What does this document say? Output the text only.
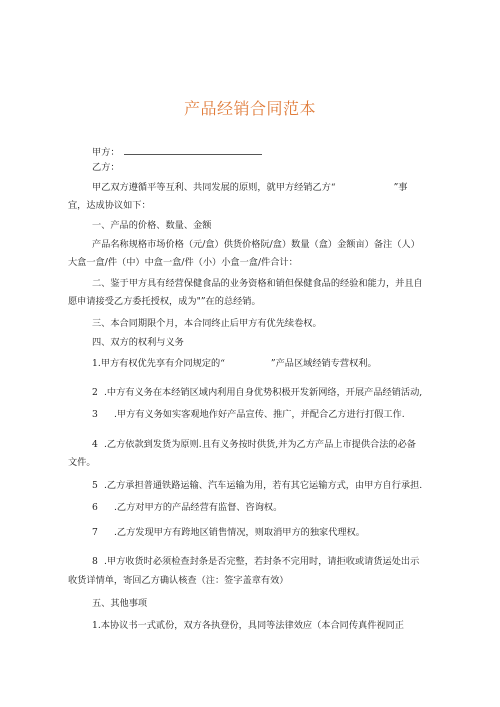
产品经销合同范本
甲方：
乙方：
甲乙双方遵循平等互利、共同发展的原则，就甲方经销乙方“	”事
宜，达成协议如下：
一、产品的价格、数量、金额
产品名称规格市场价格（元/盒）供货价格阮/盒）数量（盒）金额亩）备注（人）
大盒一盒/件（中）中盒一盒/件（小）小盒一盒/件合计：
二、鉴于甲方具有经营保健食品的业务资格和销但保健食品的经验和能力，并且自
愿申请接受乙方委托授权，成为"”在的总经销。
三、本合同期限个月，本合同终止后甲方有优先续卷权。
四、双方的权利与义务
1.甲方有权优先享有介同规定的“	”产品区域经销专营权利。
2 .中方有义务在本经销区域内利用自身优势积极开发新网络，开展产品经销活动,
3 .甲方有义务如实客观地作好产品宣传、推广，并配合乙方进行打假工作.
4 .乙方依款到发货为原则.且有义务按时供货,并为乙方产品上市提供合法的必备
文件。
5 .乙方承担普通铁路运输、汽车运输为用，若有其它运输方式，由甲方自行承担.
6 .乙方对甲方的产品经营有监督、咨询权。
7 .乙方发现甲方有跨地区销售情况，则取消甲方的独家代理权。
8 .甲方收货时必须检查封条是否完整，若封条不完用时，请拒收或请货运处出示
收货详情单，寄回乙方确认核查（注：签字盖章有效）
五、其他事项
1.本协议书一式贰份，双方各执登份，具同等法律效应（本合同传真件视同正
